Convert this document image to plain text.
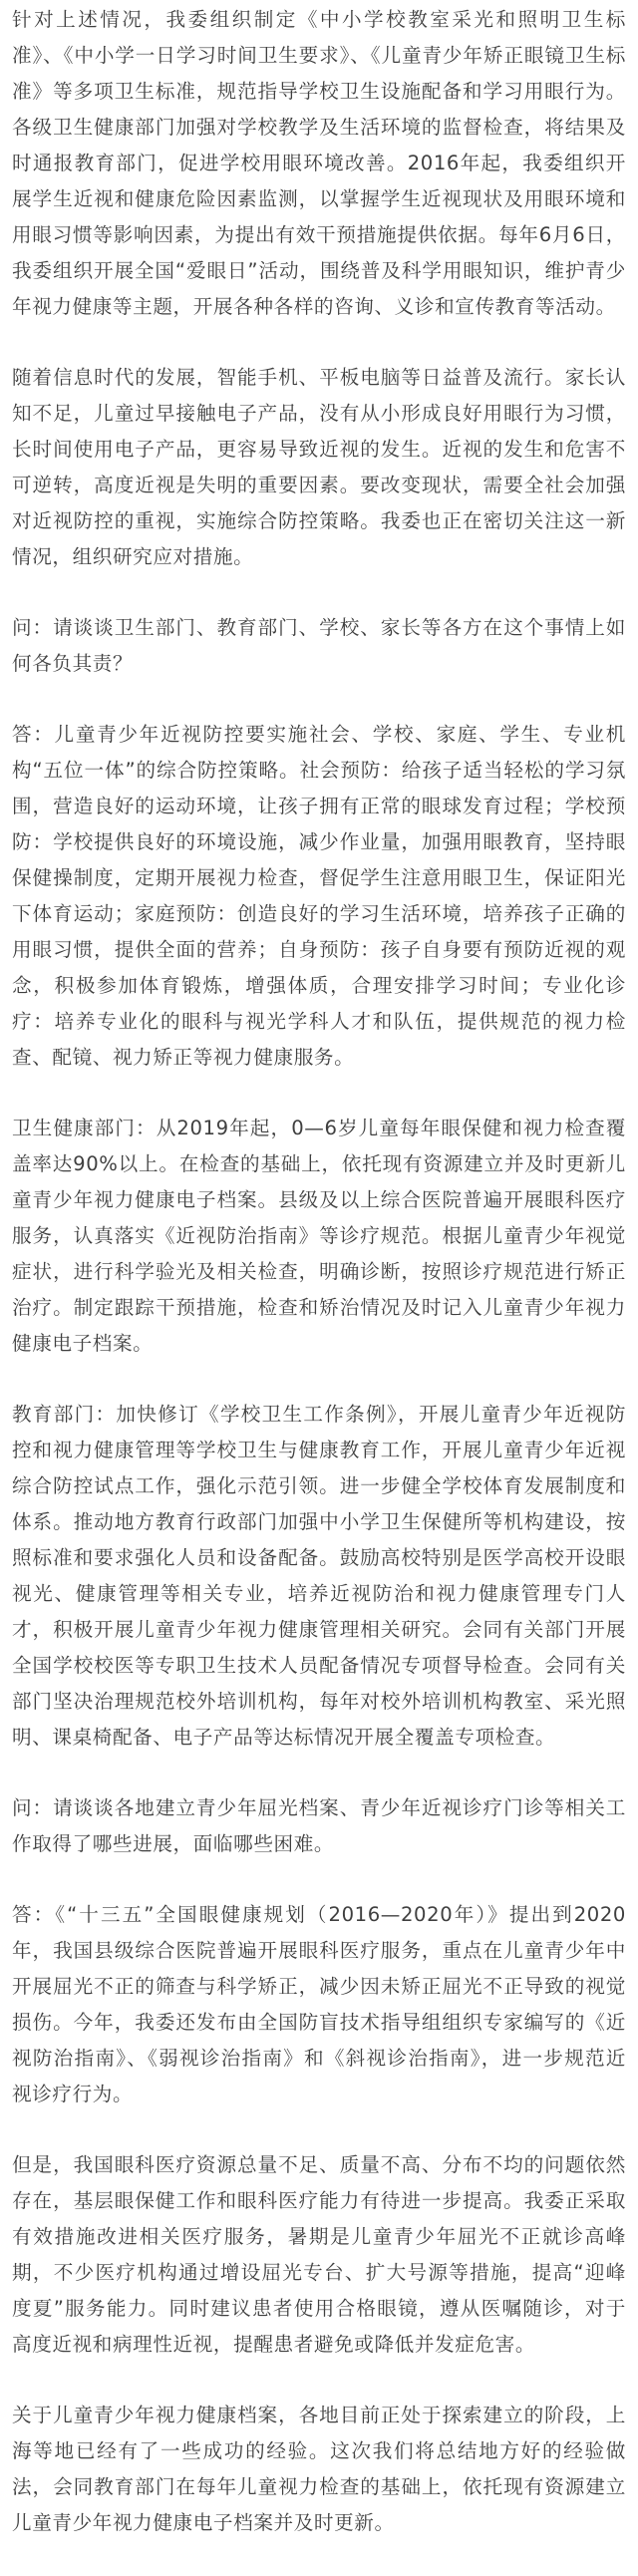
针对上述情况，我委组织制定《中小学校教室采光和照明卫生标准》、《中小学一日学习时间卫生要求》、《儿童青少年矫正眼镜卫生标准》等多项卫生标准，规范指导学校卫生设施配备和学习用眼行为。各级卫生健康部门加强对学校教学及生活环境的监督检查，将结果及时通报教育部门，促进学校用眼环境改善。2016年起，我委组织开展学生近视和健康危险因素监测，以掌握学生近视现状及用眼环境和用眼习惯等影响因素，为提出有效干预措施提供依据。每年6月6日，我委组织开展全国“爱眼日”活动，围绕普及科学用眼知识，维护青少年视力健康等主题，开展各种各样的咨询、义诊和宣传教育等活动。

随着信息时代的发展，智能手机、平板电脑等日益普及流行。家长认知不足，儿童过早接触电子产品，没有从小形成良好用眼行为习惯，长时间使用电子产品，更容易导致近视的发生。近视的发生和危害不可逆转，高度近视是失明的重要因素。要改变现状，需要全社会加强对近视防控的重视，实施综合防控策略。我委也正在密切关注这一新情况，组织研究应对措施。

问：请谈谈卫生部门、教育部门、学校、家长等各方在这个事情上如何各负其责？

答：儿童青少年近视防控要实施社会、学校、家庭、学生、专业机构“五位一体”的综合防控策略。社会预防：给孩子适当轻松的学习氛围，营造良好的运动环境，让孩子拥有正常的眼球发育过程；学校预防：学校提供良好的环境设施，减少作业量，加强用眼教育，坚持眼保健操制度，定期开展视力检查，督促学生注意用眼卫生，保证阳光下体育运动；家庭预防：创造良好的学习生活环境，培养孩子正确的用眼习惯，提供全面的营养；自身预防：孩子自身要有预防近视的观念，积极参加体育锻炼，增强体质，合理安排学习时间；专业化诊疗：培养专业化的眼科与视光学科人才和队伍，提供规范的视力检查、配镜、视力矫正等视力健康服务。

卫生健康部门：从2019年起，0—6岁儿童每年眼保健和视力检查覆盖率达90%以上。在检查的基础上，依托现有资源建立并及时更新儿童青少年视力健康电子档案。县级及以上综合医院普遍开展眼科医疗服务，认真落实《近视防治指南》等诊疗规范。根据儿童青少年视觉症状，进行科学验光及相关检查，明确诊断，按照诊疗规范进行矫正治疗。制定跟踪干预措施，检查和矫治情况及时记入儿童青少年视力健康电子档案。

教育部门：加快修订《学校卫生工作条例》，开展儿童青少年近视防控和视力健康管理等学校卫生与健康教育工作，开展儿童青少年近视综合防控试点工作，强化示范引领。进一步健全学校体育发展制度和体系。推动地方教育行政部门加强中小学卫生保健所等机构建设，按照标准和要求强化人员和设备配备。鼓励高校特别是医学高校开设眼视光、健康管理等相关专业，培养近视防治和视力健康管理专门人才，积极开展儿童青少年视力健康管理相关研究。会同有关部门开展全国学校校医等专职卫生技术人员配备情况专项督导检查。会同有关部门坚决治理规范校外培训机构，每年对校外培训机构教室、采光照明、课桌椅配备、电子产品等达标情况开展全覆盖专项检查。

问：请谈谈各地建立青少年屈光档案、青少年近视诊疗门诊等相关工作取得了哪些进展，面临哪些困难。

答：《“十三五”全国眼健康规划（2016—2020年）》提出到2020年，我国县级综合医院普遍开展眼科医疗服务，重点在儿童青少年中开展屈光不正的筛查与科学矫正，减少因未矫正屈光不正导致的视觉损伤。今年，我委还发布由全国防盲技术指导组组织专家编写的《近视防治指南》、《弱视诊治指南》和《斜视诊治指南》，进一步规范近视诊疗行为。

但是，我国眼科医疗资源总量不足、质量不高、分布不均的问题依然存在，基层眼保健工作和眼科医疗能力有待进一步提高。我委正采取有效措施改进相关医疗服务，暑期是儿童青少年屈光不正就诊高峰期，不少医疗机构通过增设屈光专台、扩大号源等措施，提高“迎峰度夏”服务能力。同时建议患者使用合格眼镜，遵从医嘱随诊，对于高度近视和病理性近视，提醒患者避免或降低并发症危害。

关于儿童青少年视力健康档案，各地目前正处于探索建立的阶段，上海等地已经有了一些成功的经验。这次我们将总结地方好的经验做法，会同教育部门在每年儿童视力检查的基础上，依托现有资源建立儿童青少年视力健康电子档案并及时更新。
